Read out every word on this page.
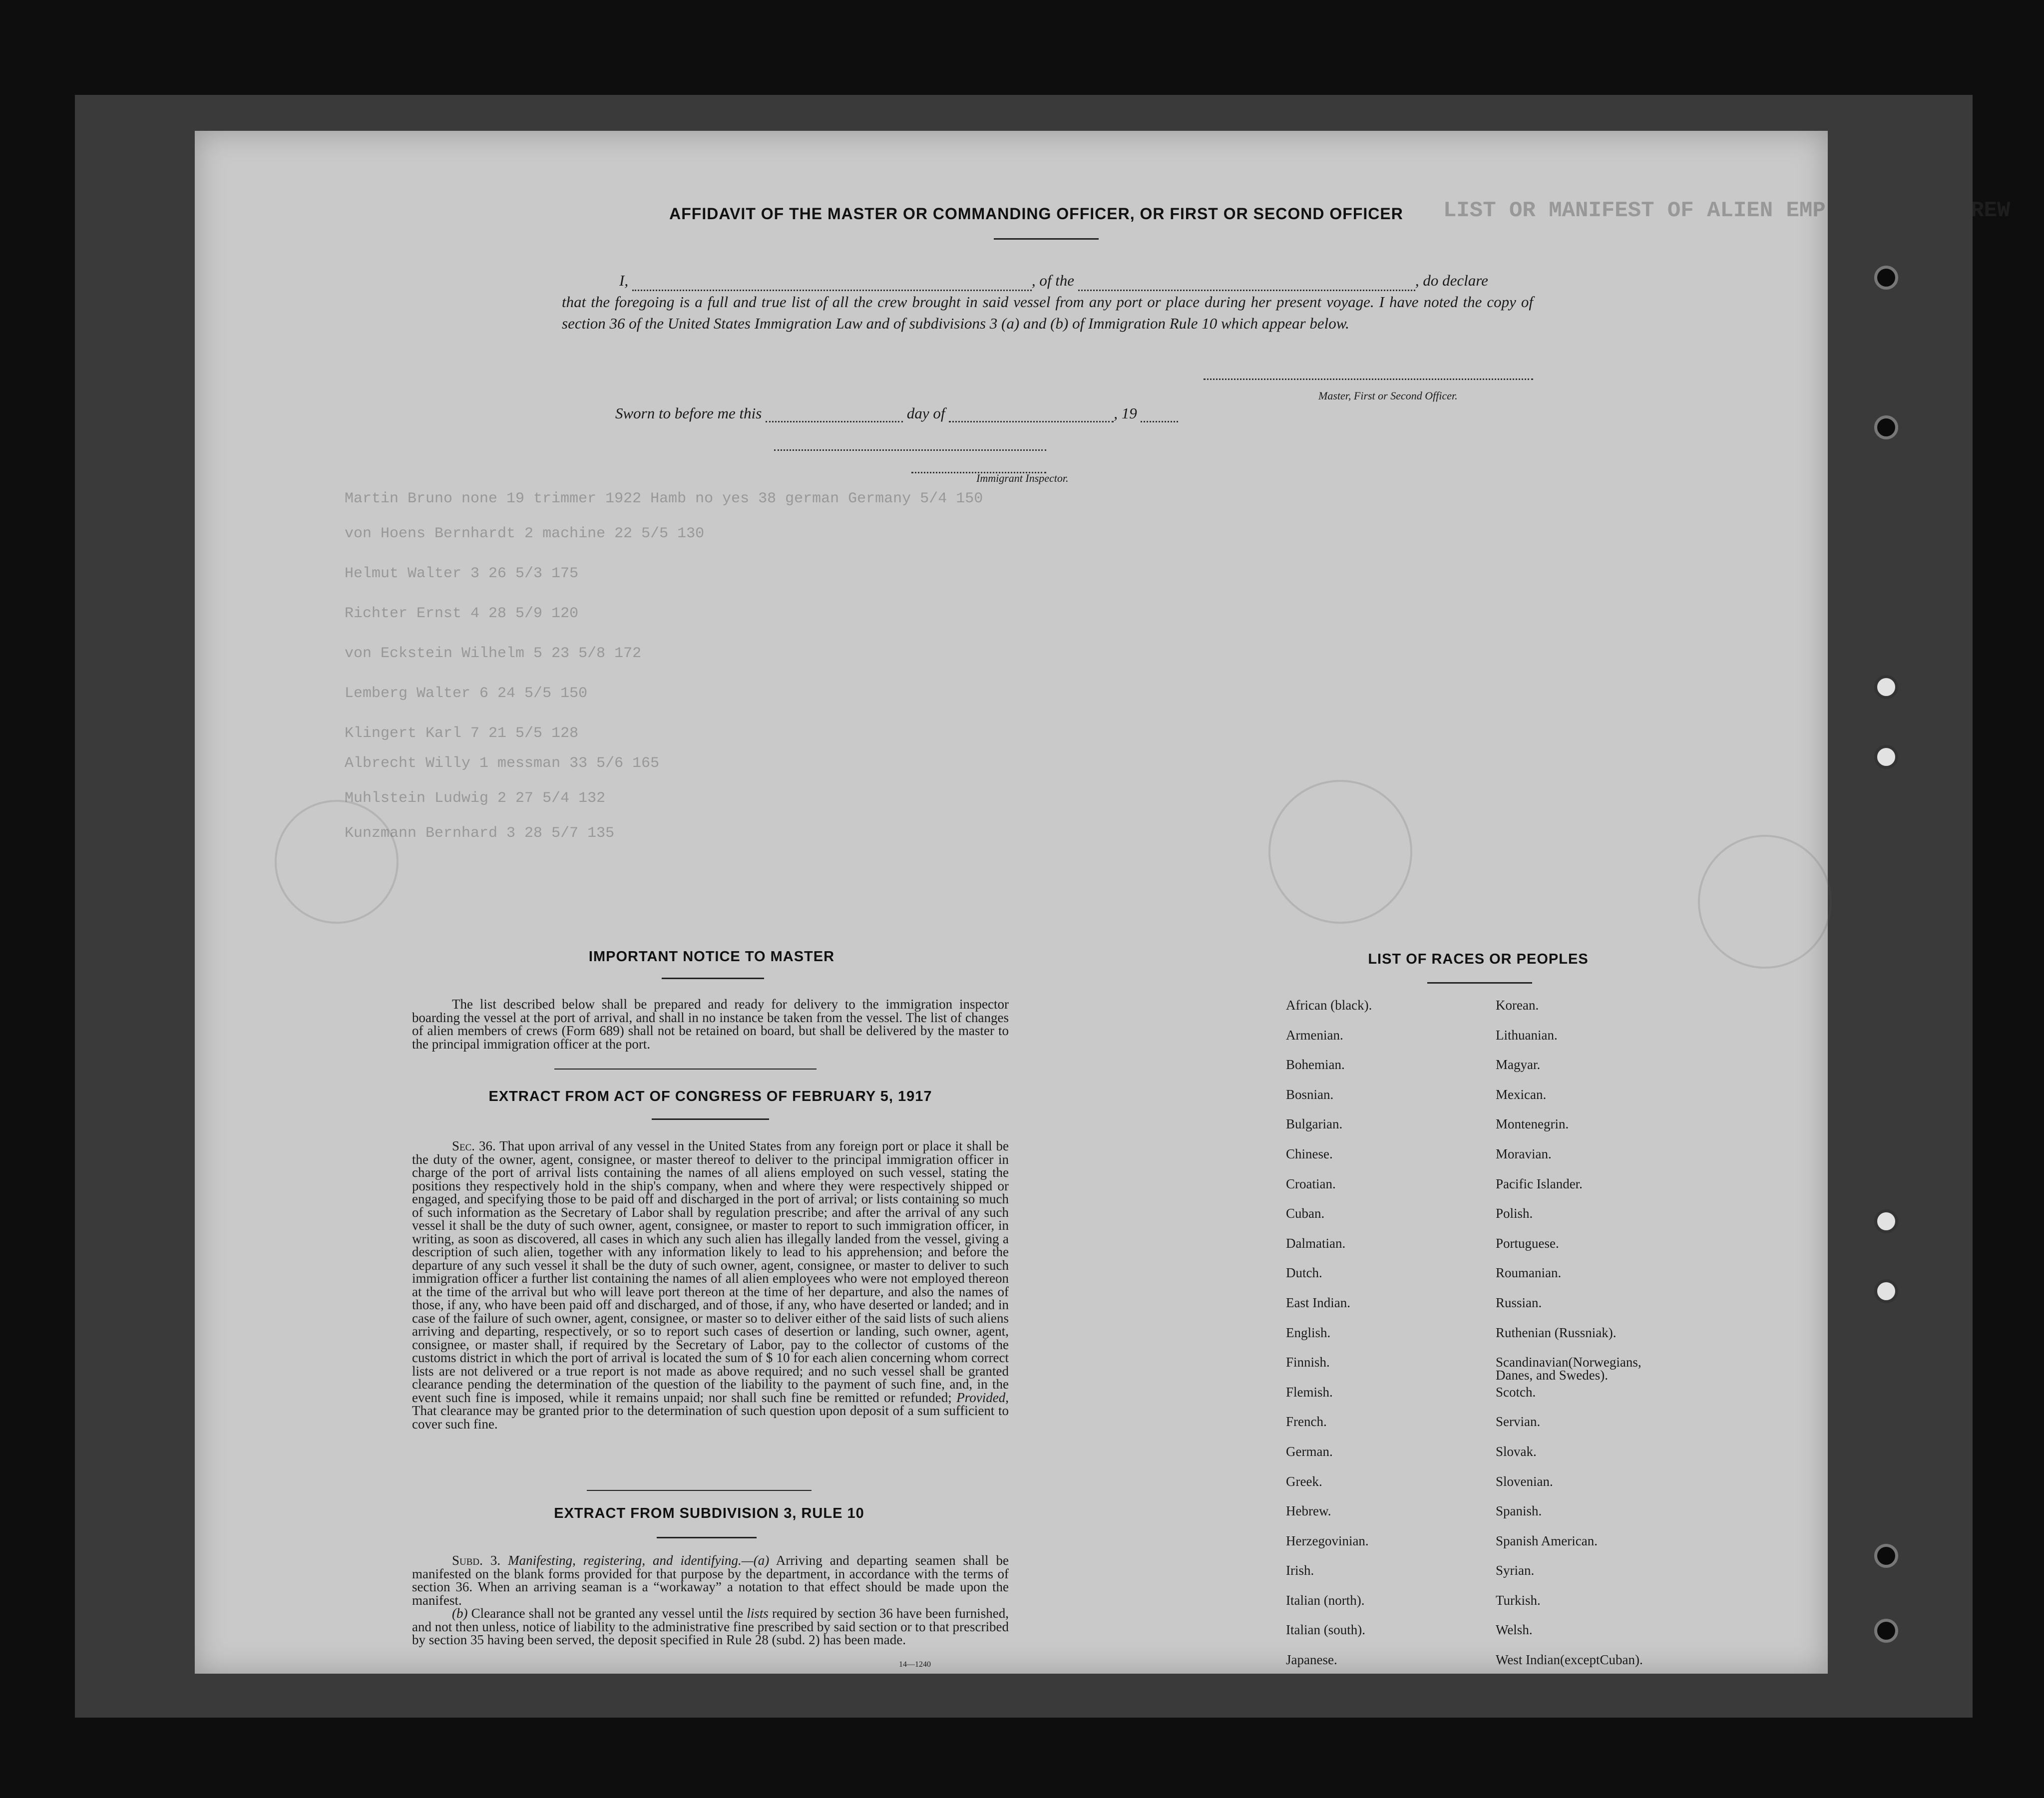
LIST OR MANIFEST OF ALIEN EMPLOYEES OF CREW
Martin Bruno none 19 trimmer 1922 Hamb no yes 38 german Germany 5/4 150
von Hoens Bernhardt 2 machine 22 5/5 130
Helmut Walter 3 26 5/3 175
Richter Ernst 4 28 5/9 120
von Eckstein Wilhelm 5 23 5/8 172
Lemberg Walter 6 24 5/5 150
Klingert Karl 7 21 5/5 128
Albrecht Willy 1 messman 33 5/6 165
Muhlstein Ludwig 2 27 5/4 132
Kunzmann Bernhard 3 28 5/7 135
AFFIDAVIT OF THE MASTER OR COMMANDING OFFICER, OR FIRST OR SECOND OFFICER
I,	, of the	, do declare
that the foregoing is a full and true list of all the crew brought in said vessel from any port or place during her present voyage. I have noted the copy of section 36 of the United States Immigration Law and of subdivisions 3 (a) and (b) of Immigration Rule 10 which appear below.
Master, First or Second Officer.
Sworn to before me this	day of	, 19
Immigrant Inspector.
IMPORTANT NOTICE TO MASTER
The list described below shall be prepared and ready for delivery to the immigration inspector boarding the vessel at the port of arrival, and shall in no instance be taken from the vessel. The list of changes of alien members of crews (Form 689) shall not be retained on board, but shall be delivered by the master to the principal immigration officer at the port.
EXTRACT FROM ACT OF CONGRESS OF FEBRUARY 5, 1917
Sec. 36. That upon arrival of any vessel in the United States from any foreign port or place it shall be the duty of the owner, agent, consignee, or master thereof to deliver to the principal immigration officer in charge of the port of arrival lists containing the names of all aliens employed on such vessel, stating the positions they respectively hold in the ship's company, when and where they were respectively shipped or engaged, and specifying those to be paid off and discharged in the port of arrival; or lists containing so much of such information as the Secretary of Labor shall by regulation prescribe; and after the arrival of any such vessel it shall be the duty of such owner, agent, consignee, or master to report to such immigration officer, in writing, as soon as discovered, all cases in which any such alien has illegally landed from the vessel, giving a description of such alien, together with any information likely to lead to his apprehension; and before the departure of any such vessel it shall be the duty of such owner, agent, consignee, or master to deliver to such immigration officer a further list containing the names of all alien employees who were not employed thereon at the time of the arrival but who will leave port thereon at the time of her departure, and also the names of those, if any, who have been paid off and discharged, and of those, if any, who have deserted or landed; and in case of the failure of such owner, agent, consignee, or master so to deliver either of the said lists of such aliens arriving and departing, respectively, or so to report such cases of desertion or landing, such owner, agent, consignee, or master shall, if required by the Secretary of Labor, pay to the collector of customs of the customs district in which the port of arrival is located the sum of $ 10 for each alien concerning whom correct lists are not delivered or a true report is not made as above required; and no such vessel shall be granted clearance pending the determination of the question of the liability to the payment of such fine, and, in the event such fine is imposed, while it remains unpaid; nor shall such fine be remitted or refunded; Provided, That clearance may be granted prior to the determination of such question upon deposit of a sum sufficient to cover such fine.
EXTRACT FROM SUBDIVISION 3, RULE 10

Subd. 3. Manifesting, registering, and identifying.—(a) Arriving and departing seamen shall be manifested on the blank forms provided for that purpose by the department, in accordance with the terms of section 36. When an arriving seaman is a “workaway” a notation to that effect should be made upon the manifest.

(b) Clearance shall not be granted any vessel until the lists required by section 36 have been furnished, and not then unless, notice of liability to the administrative fine prescribed by said section or to that prescribed by section 35 having been served, the deposit specified in Rule 28 (subd. 2) has been made.

14—1240
LIST OF RACES OR PEOPLES
African (black).	Korean.
Armenian.	Lithuanian.
Bohemian.	Magyar.
Bosnian.	Mexican.
Bulgarian.	Montenegrin.
Chinese.	Moravian.
Croatian.	Pacific Islander.
Cuban.	Polish.
Dalmatian.	Portuguese.
Dutch.	Roumanian.
East Indian.	Russian.
English.	Ruthenian (Russniak).
Finnish.	Scandinavian(Norwegians,
Danes, and Swedes).
Flemish.	Scotch.
French.	Servian.
German.	Slovak.
Greek.	Slovenian.
Hebrew.	Spanish.
Herzegovinian.	Spanish American.
Irish.	Syrian.
Italian (north).	Turkish.
Italian (south).	Welsh.
Japanese.	West Indian(exceptCuban).
